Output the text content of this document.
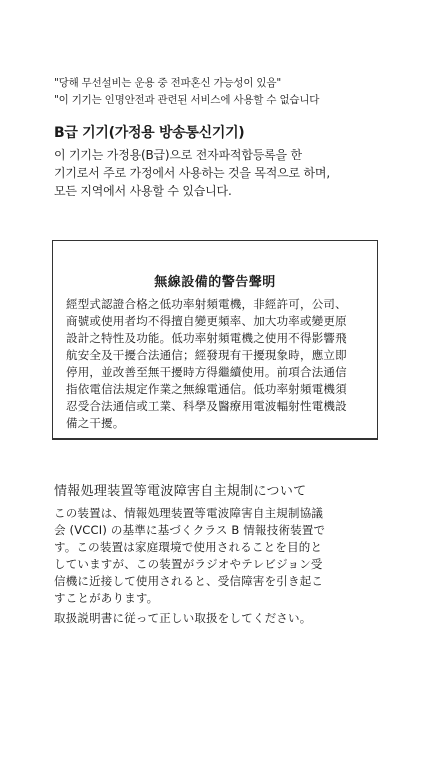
"당해 무선설비는 운용 중 전파혼신 가능성이 있음"
"이 기기는 인명안전과 관련된 서비스에 사용할 수 없습니다
B급 기기(가정용 방송통신기기)
이 기기는 가정용(B급)으로 전자파적합등록을 한
기기로서 주로 가정에서 사용하는 것을 목적으로 하며,
모든 지역에서 사용할 수 있습니다.
無線設備的警告聲明
經型式認證合格之低功率射頻電機，非經許可，公司、
商號或使用者均不得擅自變更頻率、加大功率或變更原
設計之特性及功能。低功率射頻電機之使用不得影響飛
航安全及干擾合法通信；經發現有干擾現象時，應立即
停用，並改善至無干擾時方得繼續使用。前項合法通信
指依電信法規定作業之無線電通信。低功率射頻電機須
忍受合法通信或工業、科學及醫療用電波輻射性電機設
備之干擾。
情報処理装置等電波障害自主規制について
この装置は、情報処理装置等電波障害自主規制協議
会 (VCCI) の基準に基づくクラス B 情報技術装置で
す。この装置は家庭環境で使用されることを目的と
していますが、この装置がラジオやテレビジョン受
信機に近接して使用されると、受信障害を引き起こ
すことがあります。
取扱説明書に従って正しい取扱をしてください。
